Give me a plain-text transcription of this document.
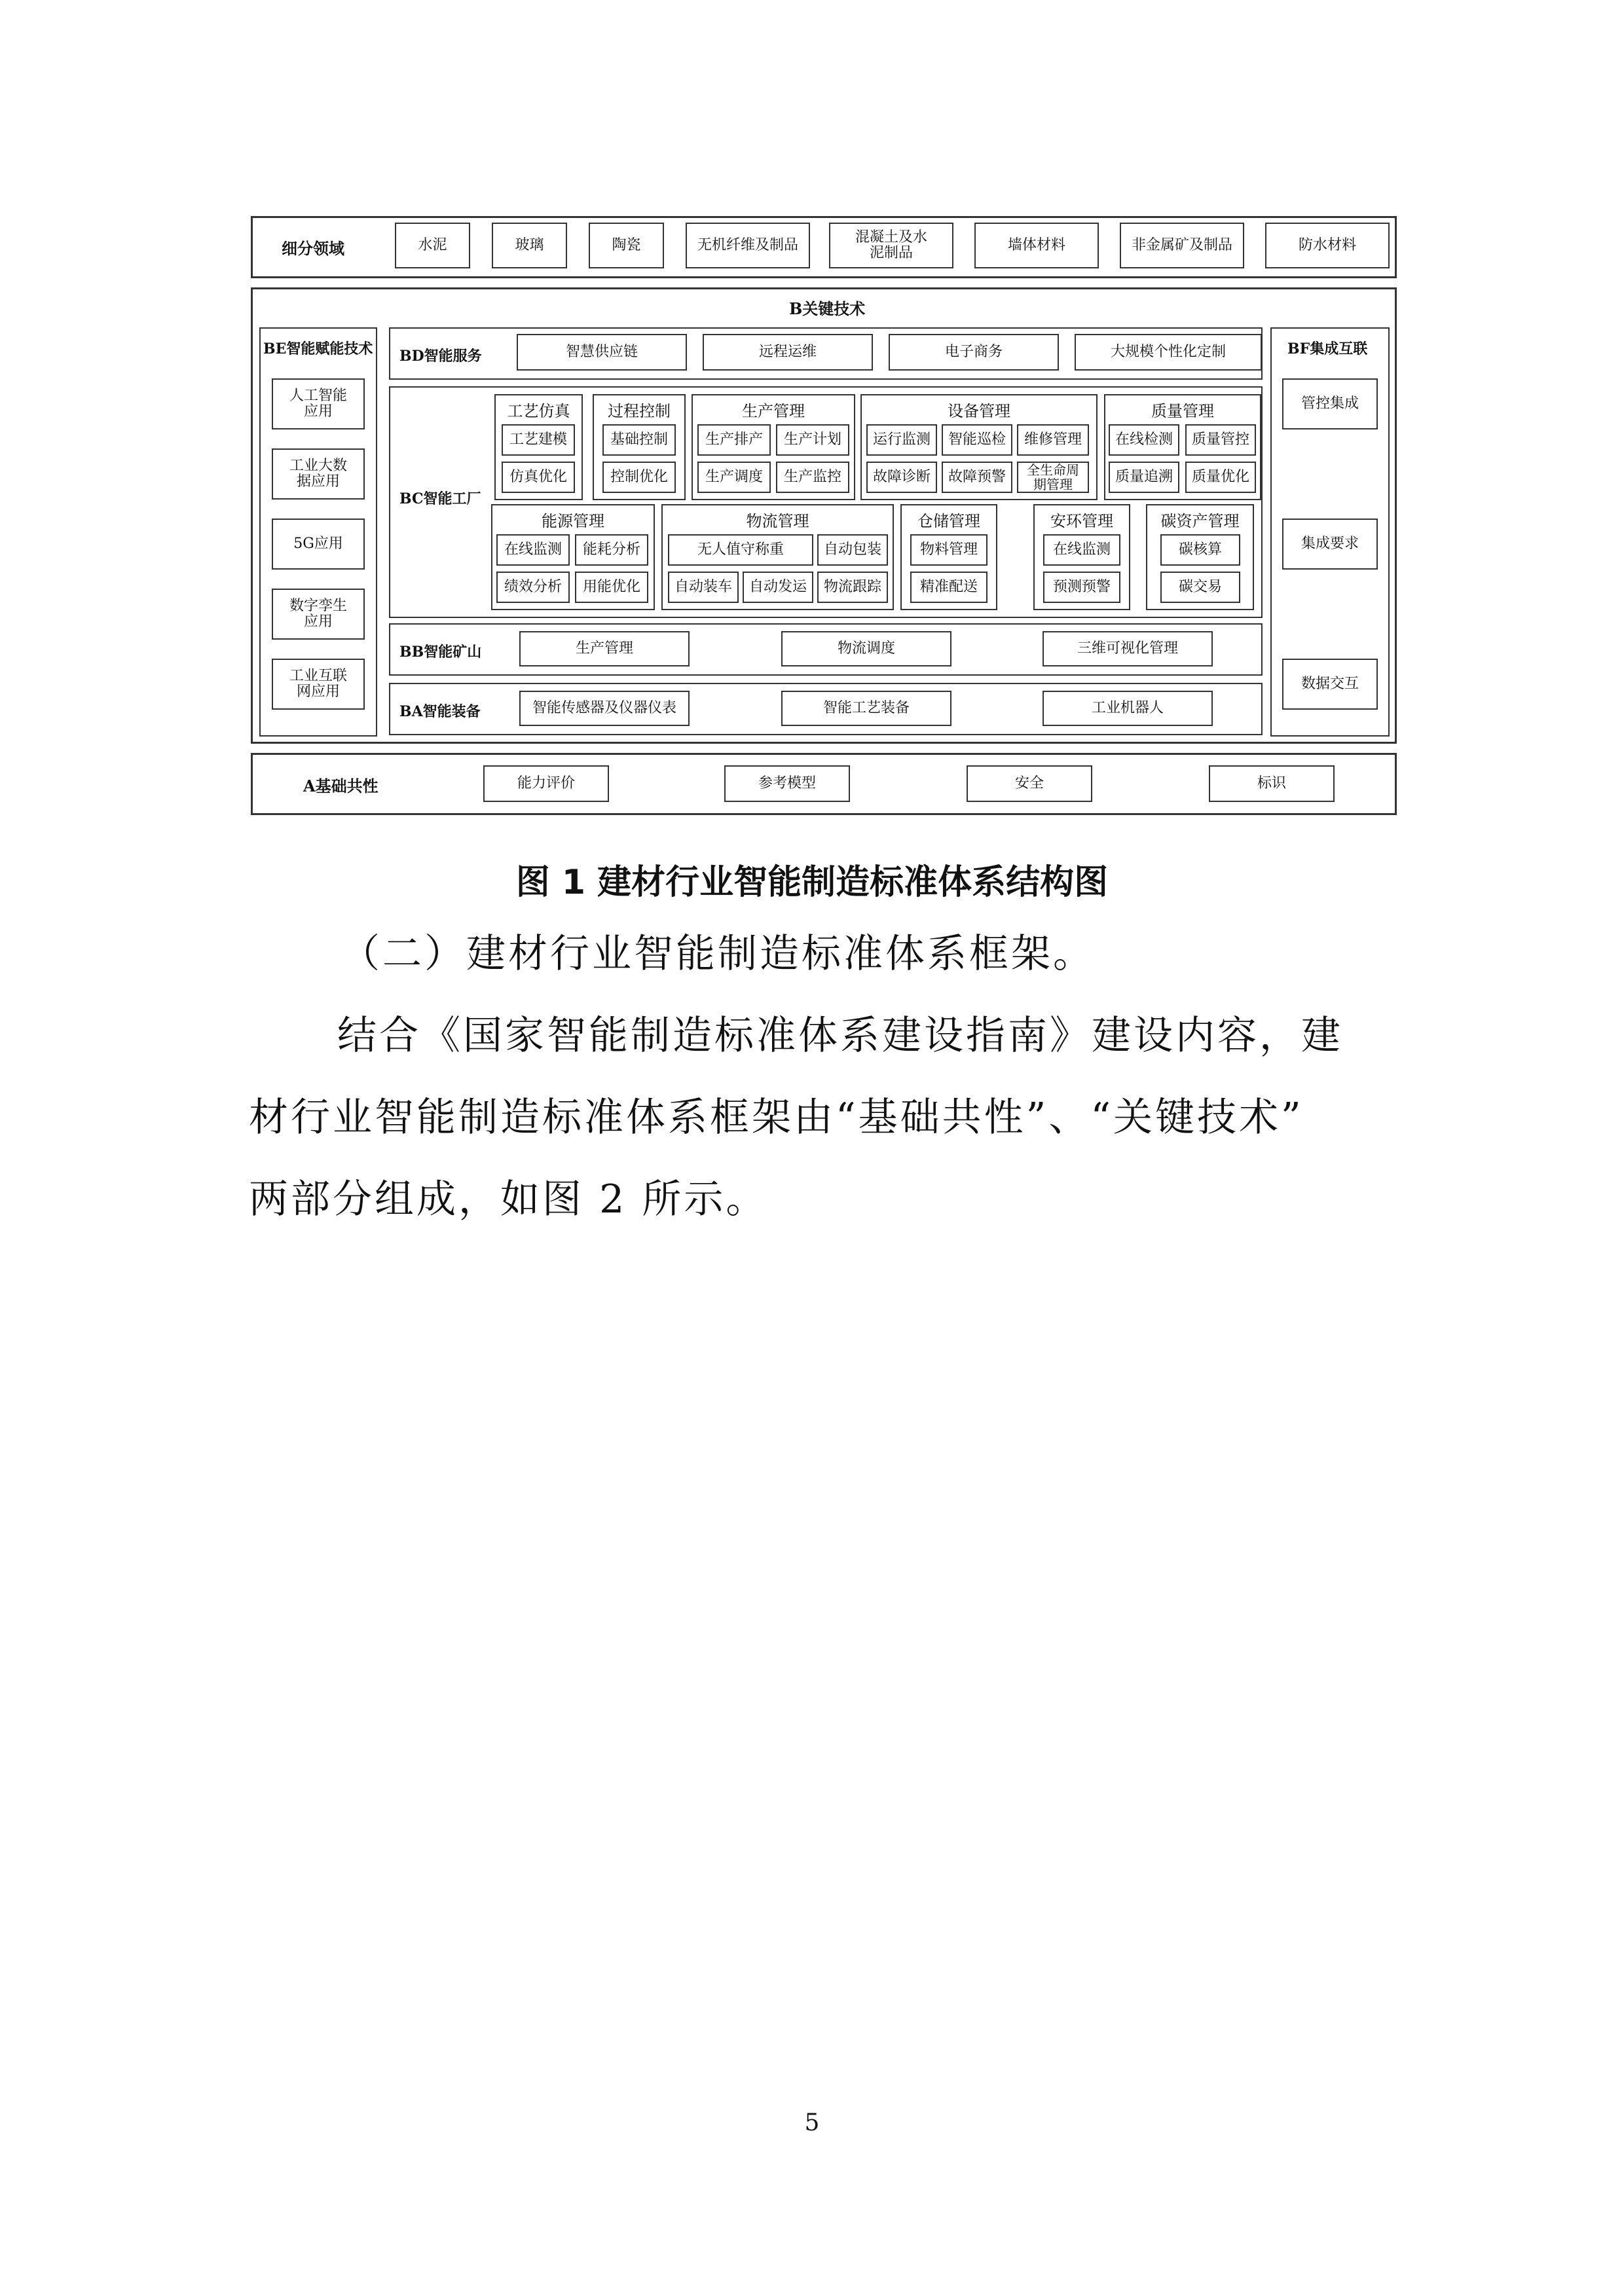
细分领域	水泥	玻璃	陶瓷	无机纤维及制品	混凝土及水泥制品	墙体材料	非金属矿及制品	防水材料
B关键技术
BE智能赋能技术
人工智能应用
工业大数据应用
5G应用
数字孪生应用
工业互联网应用
BF集成互联
管控集成
集成要求
数据交互
BD智能服务	智慧供应链	远程运维	电子商务	大规模个性化定制
BC智能工厂
工艺仿真
工艺建模
仿真优化
过程控制
基础控制
控制优化
生产管理
生产排产	生产计划
生产调度	生产监控
设备管理
运行监测	智能巡检	维修管理
故障诊断	故障预警	全生命周期管理
质量管理
在线检测	质量管控
质量追溯	质量优化
能源管理
在线监测	能耗分析
绩效分析	用能优化
物流管理
无人值守称重	自动包装
自动装车	自动发运	物流跟踪
仓储管理
物料管理
精准配送
安环管理
在线监测
预测预警
碳资产管理
碳核算
碳交易
BB智能矿山	生产管理	物流调度	三维可视化管理
BA智能装备	智能传感器及仪器仪表	智能工艺装备	工业机器人
A基础共性	能力评价	参考模型	安全	标识
图 1 建材行业智能制造标准体系结构图
（二）建材行业智能制造标准体系框架。
结合《国家智能制造标准体系建设指南》建设内容，建
材行业智能制造标准体系框架由“基础共性”、“关键技术”
两部分组成，如图 2 所示。
5
